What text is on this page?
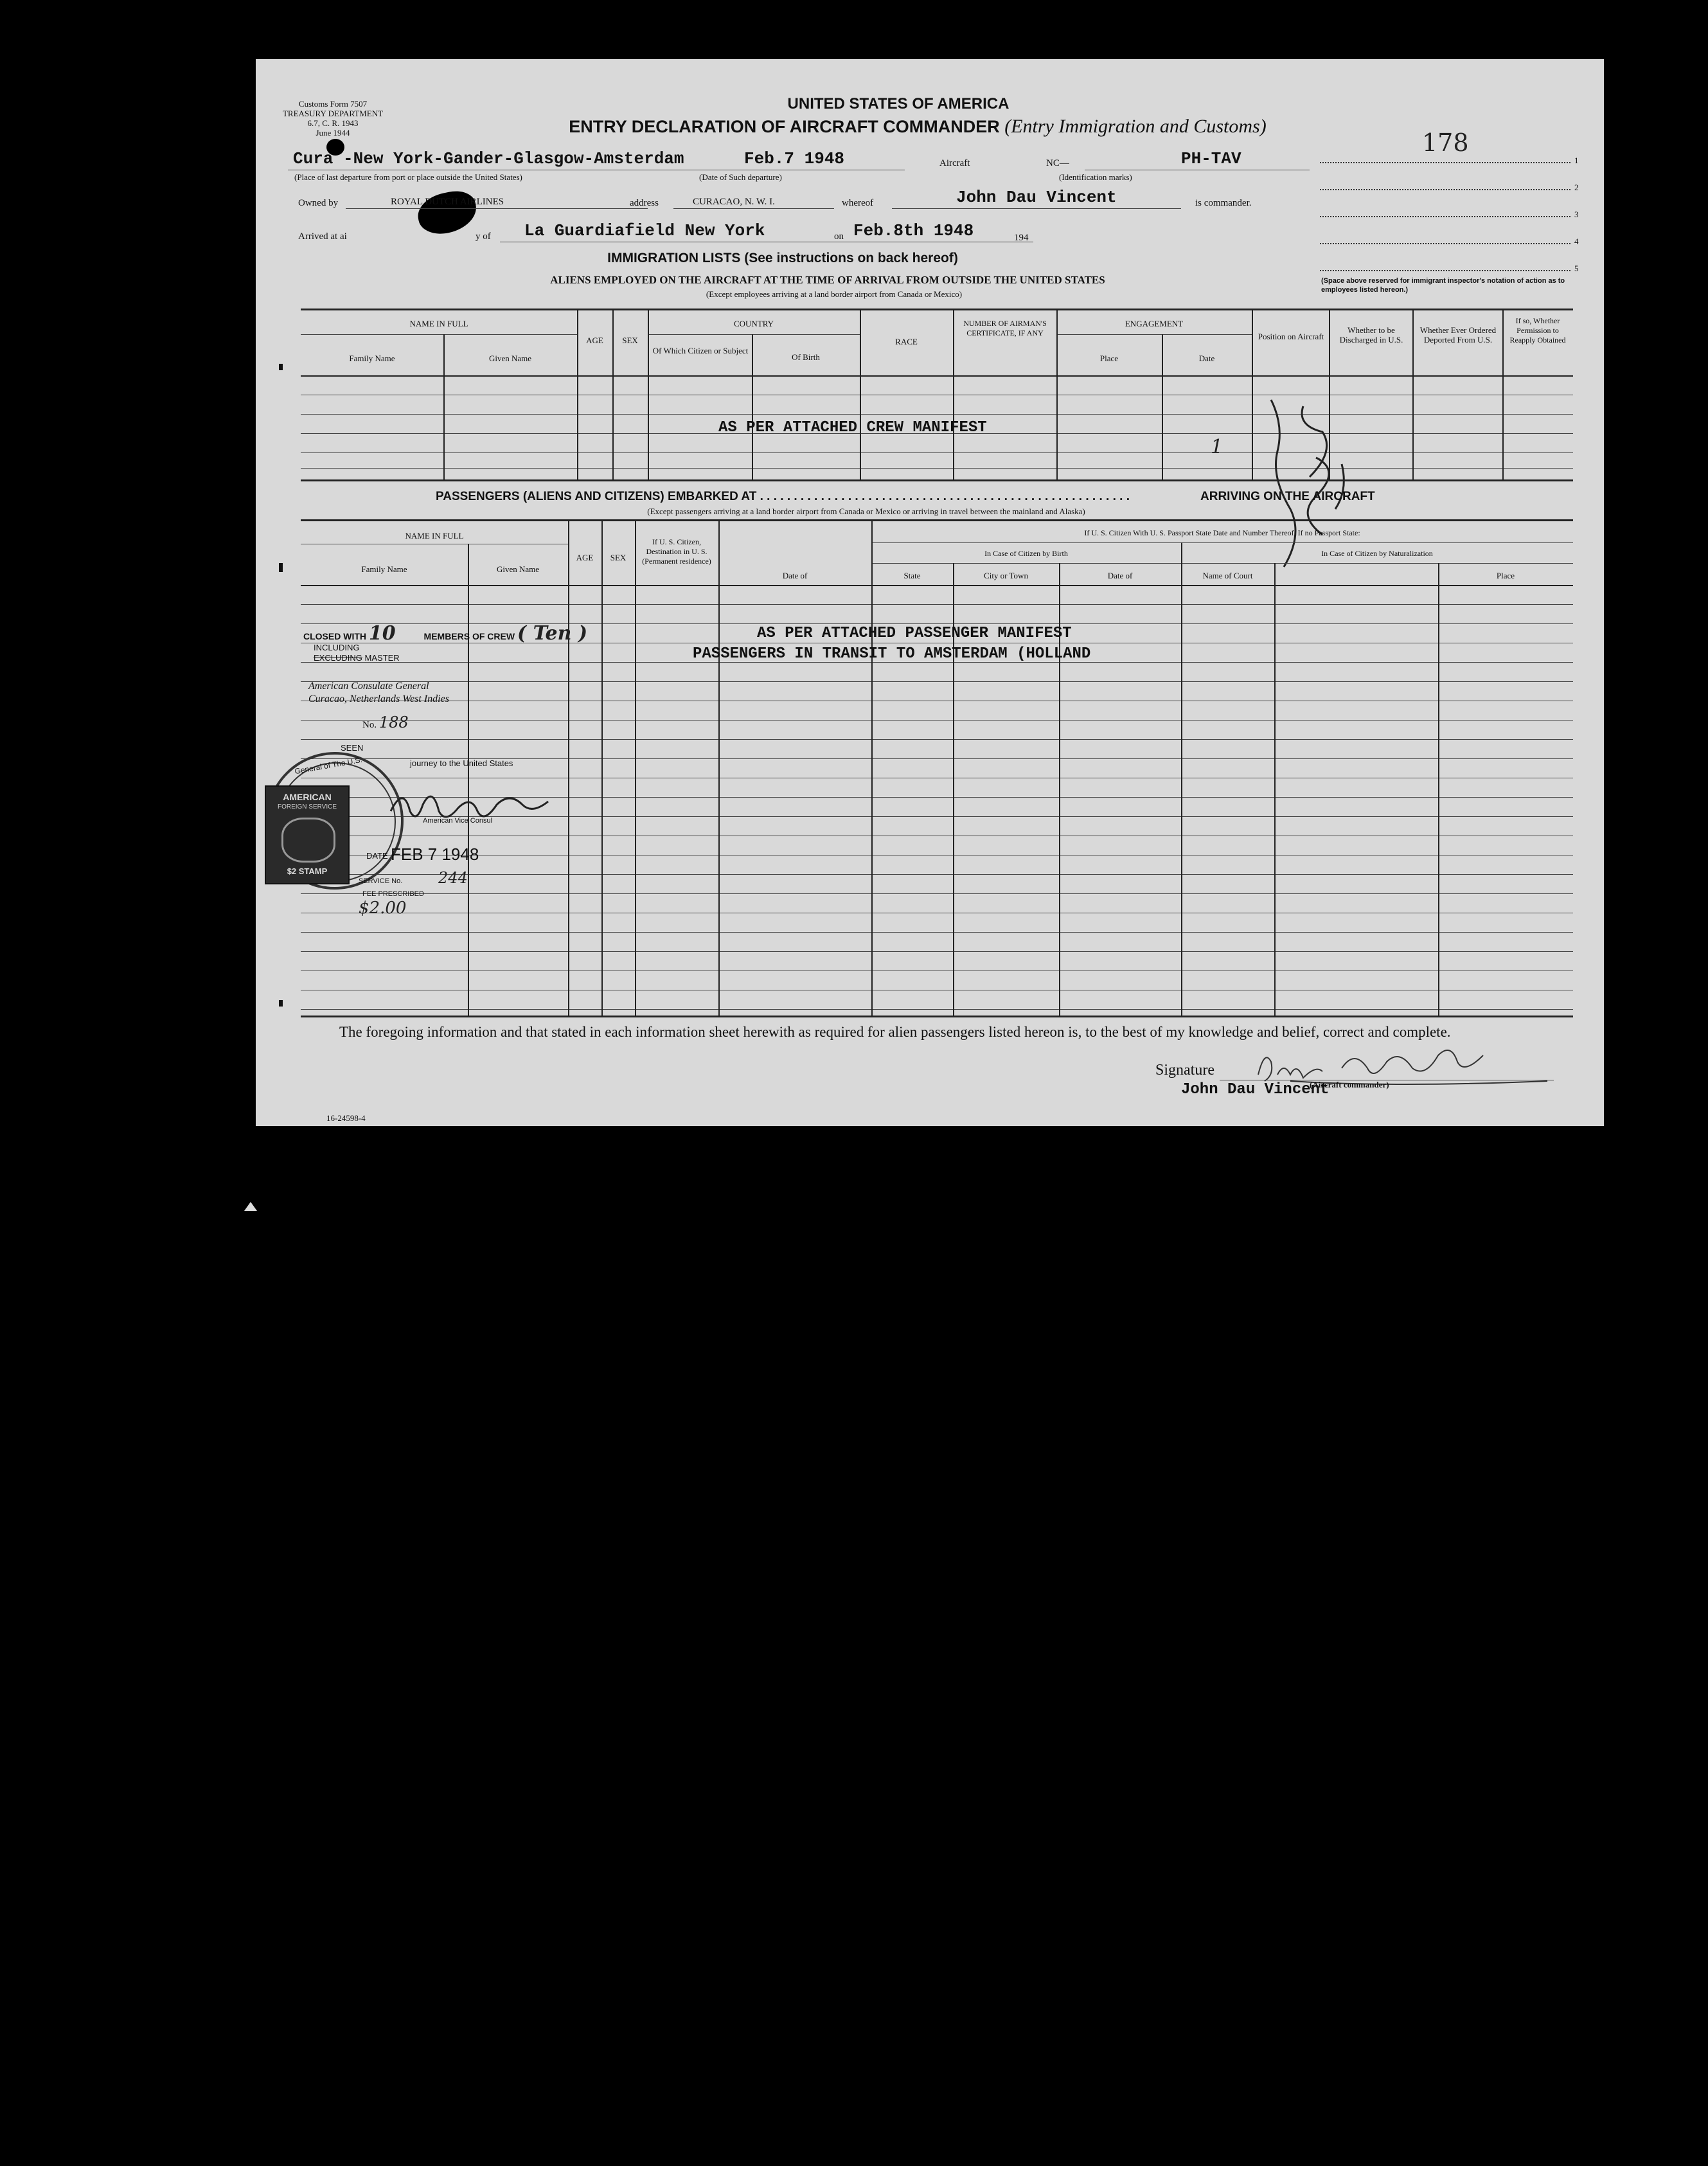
Customs Form 7507
TREASURY DEPARTMENT
6.7, C. R. 1943
June 1944
UNITED STATES OF AMERICA
ENTRY DECLARATION OF AIRCRAFT COMMANDER (Entry Immigration and Customs)
178
Cura -New York-Gander-Glasgow-Amsterdam	Feb.7 1948	Aircraft	NC—	PH-TAV
(Place of last departure from port or place outside the United States)	(Date of Such departure)	(Identification marks)
Owned by	ROYAL DUTCH AIRLINES	address	CURACAO, N. W. I.	whereof	John Dau Vincent	is commander.
Arrived at ai	y of La Guardiafield New York	on Feb.8th 1948	194
1
2
3
4
5
(Space above reserved for immigrant inspector's notation of action as to employees listed hereon.)
IMMIGRATION LISTS (See instructions on back hereof)
ALIENS EMPLOYED ON THE AIRCRAFT AT THE TIME OF ARRIVAL FROM OUTSIDE THE UNITED STATES
(Except employees arriving at a land border airport from Canada or Mexico)
NAME IN FULL
Family Name	Given Name
AGE	SEX
COUNTRY
Of Which Citizen or Subject
Of Birth
RACE
NUMBER OF AIRMAN'S CERTIFICATE, IF ANY
ENGAGEMENT
Place	Date
Position on Aircraft
Whether to be Discharged in U.S.
Whether Ever Ordered Deported From U.S.
If so, Whether Permission to Reapply Obtained
AS PER ATTACHED CREW MANIFEST
1
PASSENGERS (ALIENS AND CITIZENS) EMBARKED AT . . . . . . . . . . . . . . . . . . . . . . . . . . . . . . . . . . . . . . . . . . . . . . . . . . . . . . .	ARRIVING ON THE AIRCRAFT
(Except passengers arriving at a land border airport from Canada or Mexico or arriving in travel between the mainland and Alaska)
NAME IN FULL
Family Name	Given Name
AGE	SEX
If U. S. Citizen, Destination in U. S. (Permanent residence)
If U. S. Citizen With U. S. Passport State Date and Number Thereof. If no Passport State:
In Case of Citizen by Birth	In Case of Citizen by Naturalization
Date of	State	City or Town	Date of	Name of Court	Place
AS PER ATTACHED PASSENGER MANIFEST
PASSENGERS IN TRANSIT TO AMSTERDAM (HOLLAND
CLOSED WITH 10	MEMBERS OF CREW ( Ten )
INCLUDING
EXCLUDING MASTER
American Consulate General
Curacao, Netherlands West Indies
No. 188
SEEN
journey to the United States
General of The U.S.
AMERICAN
FOREIGN SERVICE
$2 STAMP
American Vice Consul
DATE FEB 7 1948
SERVICE No. 244
FEE PRESCRIBED
$2.00
The foregoing information and that stated in each information sheet herewith as required for alien passengers listed hereon is, to the best of my knowledge and belief, correct and complete.
Signature
John Dau Vincent
(Aircraft commander)
16-24598-4
